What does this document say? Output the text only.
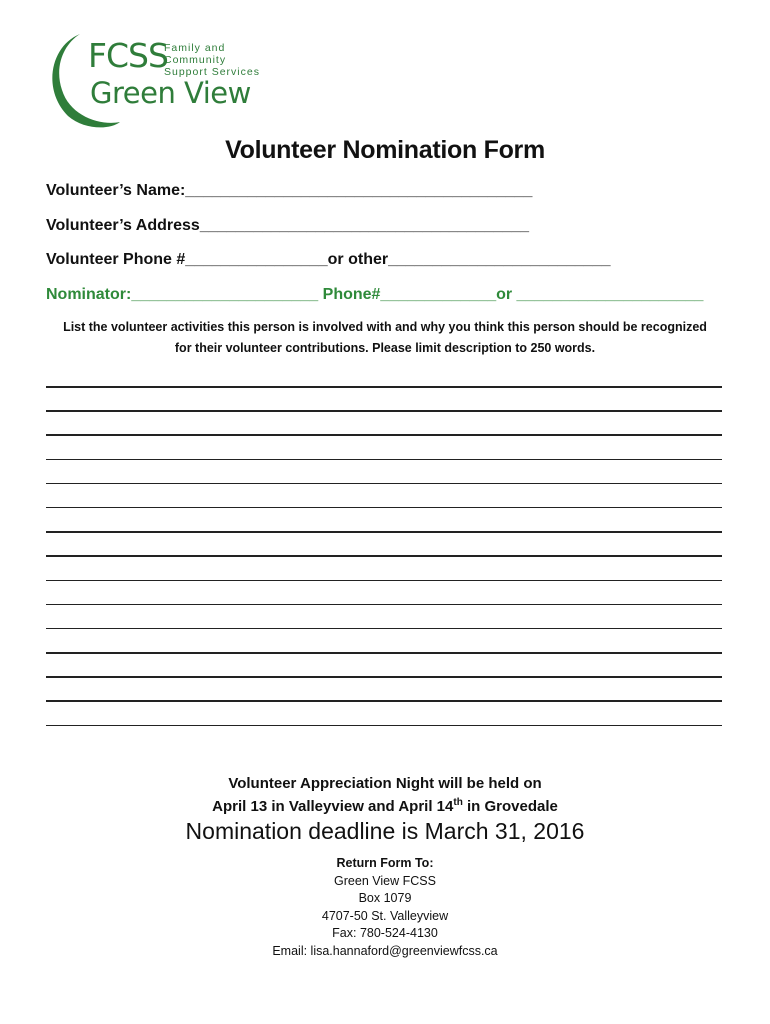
FCSS
Family and Community
Support Services
Green View
Volunteer Nomination Form
Volunteer’s Name:_______________________________________
Volunteer’s Address_____________________________________
Volunteer Phone #________________or other_________________________
Nominator:_____________________ Phone#_____________or _____________________
List the volunteer activities this person is involved with and why you think this person should be recognized
for their volunteer contributions. Please limit description to 250 words.
Volunteer Appreciation Night will be held on
April 13 in Valleyview and April 14th in Grovedale
Nomination deadline is March 31, 2016
Return Form To:
Green View FCSS
Box 1079
4707-50 St. Valleyview
Fax: 780-524-4130
Email: lisa.hannaford@greenviewfcss.ca
